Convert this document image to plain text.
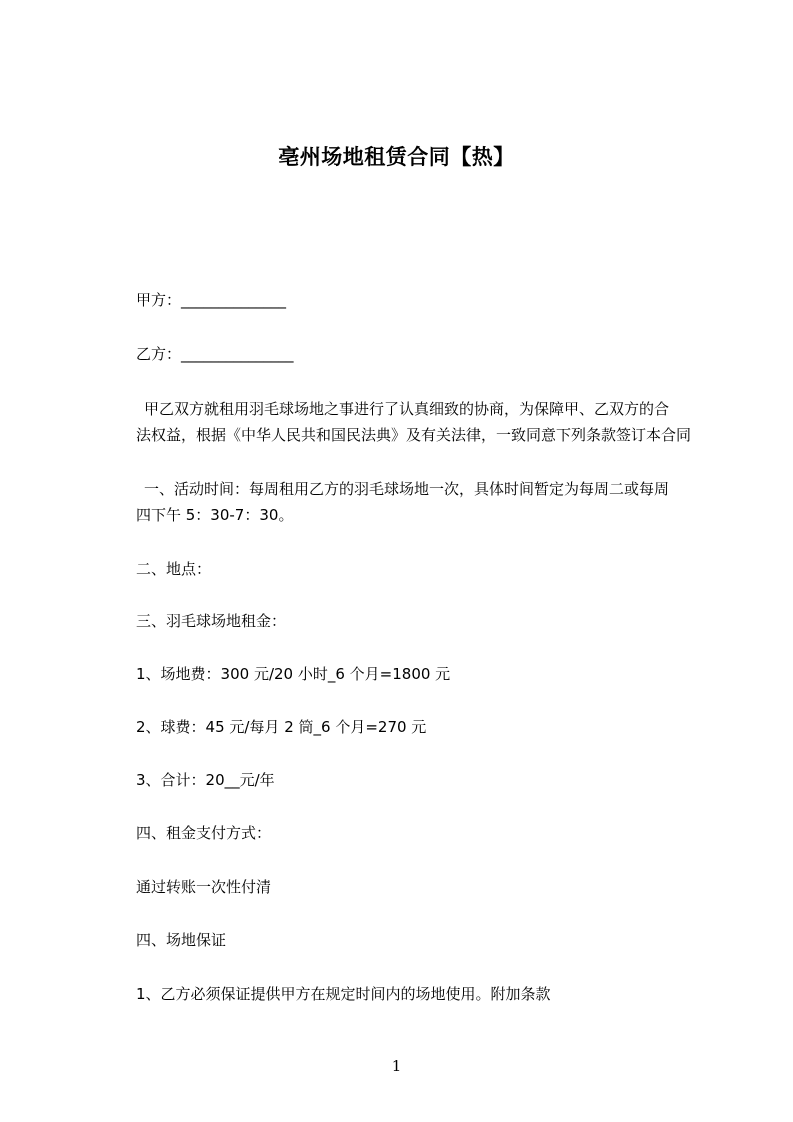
亳州场地租赁合同【热】
甲方：______________
乙方：_______________
甲乙双方就租用羽毛球场地之事进行了认真细致的协商，为保障甲、乙双方的合
法权益，根据《中华人民共和国民法典》及有关法律，一致同意下列条款签订本合同
一、活动时间：每周租用乙方的羽毛球场地一次，具体时间暂定为每周二或每周
四下午 5：30-7：30。
二、地点：
三、羽毛球场地租金：
1、场地费：300 元/20 小时_6 个月=1800 元
2、球费：45 元/每月 2 筒_6 个月=270 元
3、合计：20__元/年
四、租金支付方式：
通过转账一次性付清
四、场地保证
1、乙方必须保证提供甲方在规定时间内的场地使用。附加条款
1
